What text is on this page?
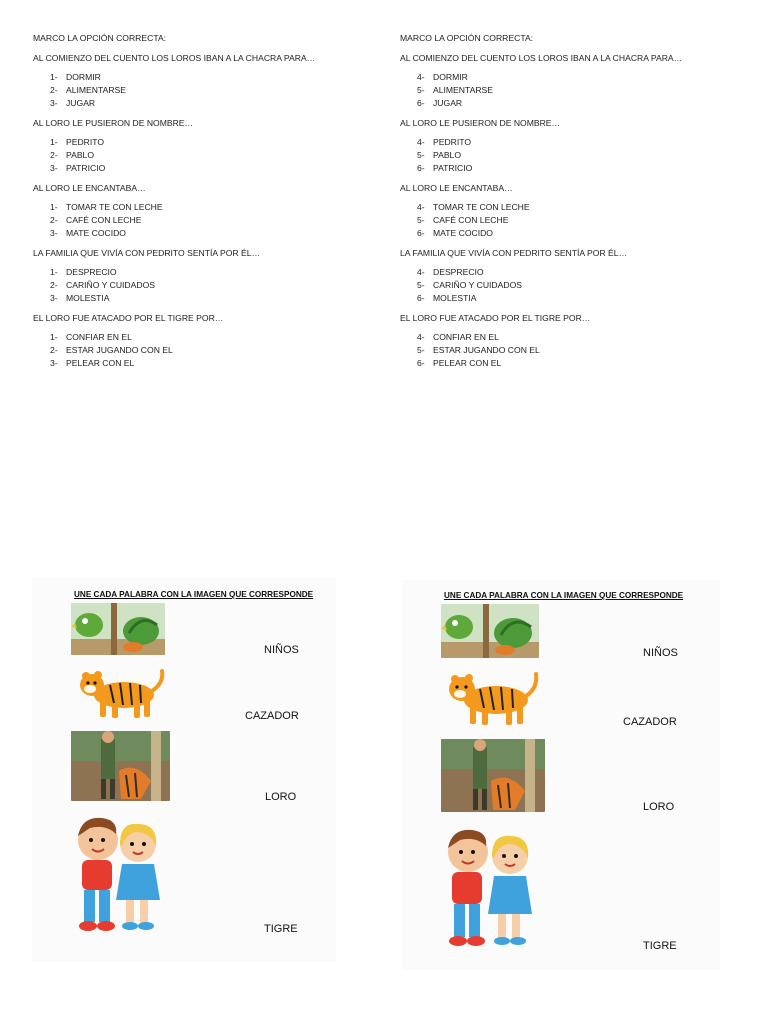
MARCO LA OPCIÓN CORRECTA:
AL COMIENZO DEL CUENTO LOS LOROS IBAN A LA CHACRA PARA…
1- DORMIR
2- ALIMENTARSE
3- JUGAR
AL LORO LE PUSIERON DE NOMBRE…
1- PEDRITO
2- PABLO
3- PATRICIO
AL LORO LE ENCANTABA…
1- TOMAR TE CON LECHE
2- CAFÉ CON LECHE
3- MATE COCIDO
LA FAMILIA QUE VIVÍA CON PEDRITO SENTÍA POR ÉL…
1- DESPRECIO
2- CARIÑO Y CUIDADOS
3- MOLESTIA
EL LORO FUE ATACADO POR EL TIGRE POR…
1- CONFIAR EN EL
2- ESTAR JUGANDO CON EL
3- PELEAR CON EL
MARCO LA OPCIÓN CORRECTA:
AL COMIENZO DEL CUENTO LOS LOROS IBAN A LA CHACRA PARA…
4- DORMIR
5- ALIMENTARSE
6- JUGAR
AL LORO LE PUSIERON DE NOMBRE…
4- PEDRITO
5- PABLO
6- PATRICIO
AL LORO LE ENCANTABA…
4- TOMAR TE CON LECHE
5- CAFÉ CON LECHE
6- MATE COCIDO
LA FAMILIA QUE VIVÍA CON PEDRITO SENTÍA POR ÉL…
4- DESPRECIO
5- CARIÑO Y CUIDADOS
6- MOLESTIA
EL LORO FUE ATACADO POR EL TIGRE POR…
4- CONFIAR EN EL
5- ESTAR JUGANDO CON EL
6- PELEAR CON EL
UNE CADA PALABRA CON LA IMAGEN QUE CORRESPONDE
NIÑOS
CAZADOR
LORO
TIGRE
UNE CADA PALABRA CON LA IMAGEN QUE CORRESPONDE
NIÑOS
CAZADOR
LORO
TIGRE
